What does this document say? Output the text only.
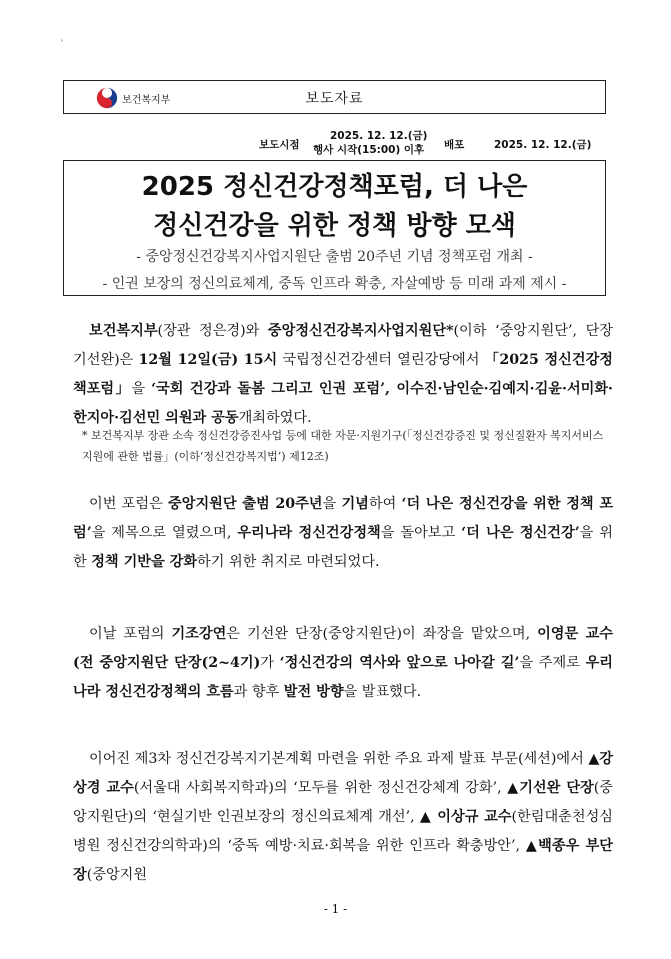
`
보건복지부	보도자료
보도시점
2025. 12. 12.(금)
행사 시작(15:00) 이후 배포	2025. 12. 12.(금)
2025 정신건강정책포럼, 더 나은
정신건강을 위한 정책 방향 모색
- 중앙정신건강복지사업지원단 출범 20주년 기념 정책포럼 개최 -
- 인권 보장의 정신의료체계, 중독 인프라 확충, 자살예방 등 미래 과제 제시 -

보건복지부(장관 정은경)와 중앙정신건강복지사업지원단*(이하 ‘중앙지원단’, 단장 기선완)은 12월 12일(금) 15시 국립정신건강센터 열린강당에서 「2025 정신건강정책포럼」을 ‘국회 건강과 돌봄 그리고 인권 포럼’, 이수진·남인순·김예지·김윤·서미화·한지아·김선민 의원과 공동개최하였다.

* 보건복지부 장관 소속 정신건강증진사업 등에 대한 자문·지원기구(「정신건강증진 및 정신질환자 복지서비스 지원에 관한 법률」(이하‘정신건강복지법’) 제12조)

이번 포럼은 중앙지원단 출범 20주년을 기념하여 ‘더 나은 정신건강을 위한 정책 포럼’을 제목으로 열렸으며, 우리나라 정신건강정책을 돌아보고 ‘더 나은 정신건강’을 위한 정책 기반을 강화하기 위한 취지로 마련되었다.

이날 포럼의 기조강연은 기선완 단장(중앙지원단)이 좌장을 맡았으며, 이영문 교수(전 중앙지원단 단장(2~4기)가 ‘정신건강의 역사와 앞으로 나아갈 길’을 주제로 우리나라 정신건강정책의 흐름과 향후 발전 방향을 발표했다.

이어진 제3차 정신건강복지기본계획 마련을 위한 주요 과제 발표 부문(세션)에서 ▲강상경 교수(서울대 사회복지학과)의 ‘모두를 위한 정신건강체계 강화’, ▲기선완 단장(중앙지원단)의 ‘현실기반 인권보장의 정신의료체계 개선’, ▲ 이상규 교수(한림대춘천성심병원 정신건강의학과)의 ‘중독 예방·치료·회복을 위한 인프라 확충방안’, ▲백종우 부단장(중앙지원

- 1 -
